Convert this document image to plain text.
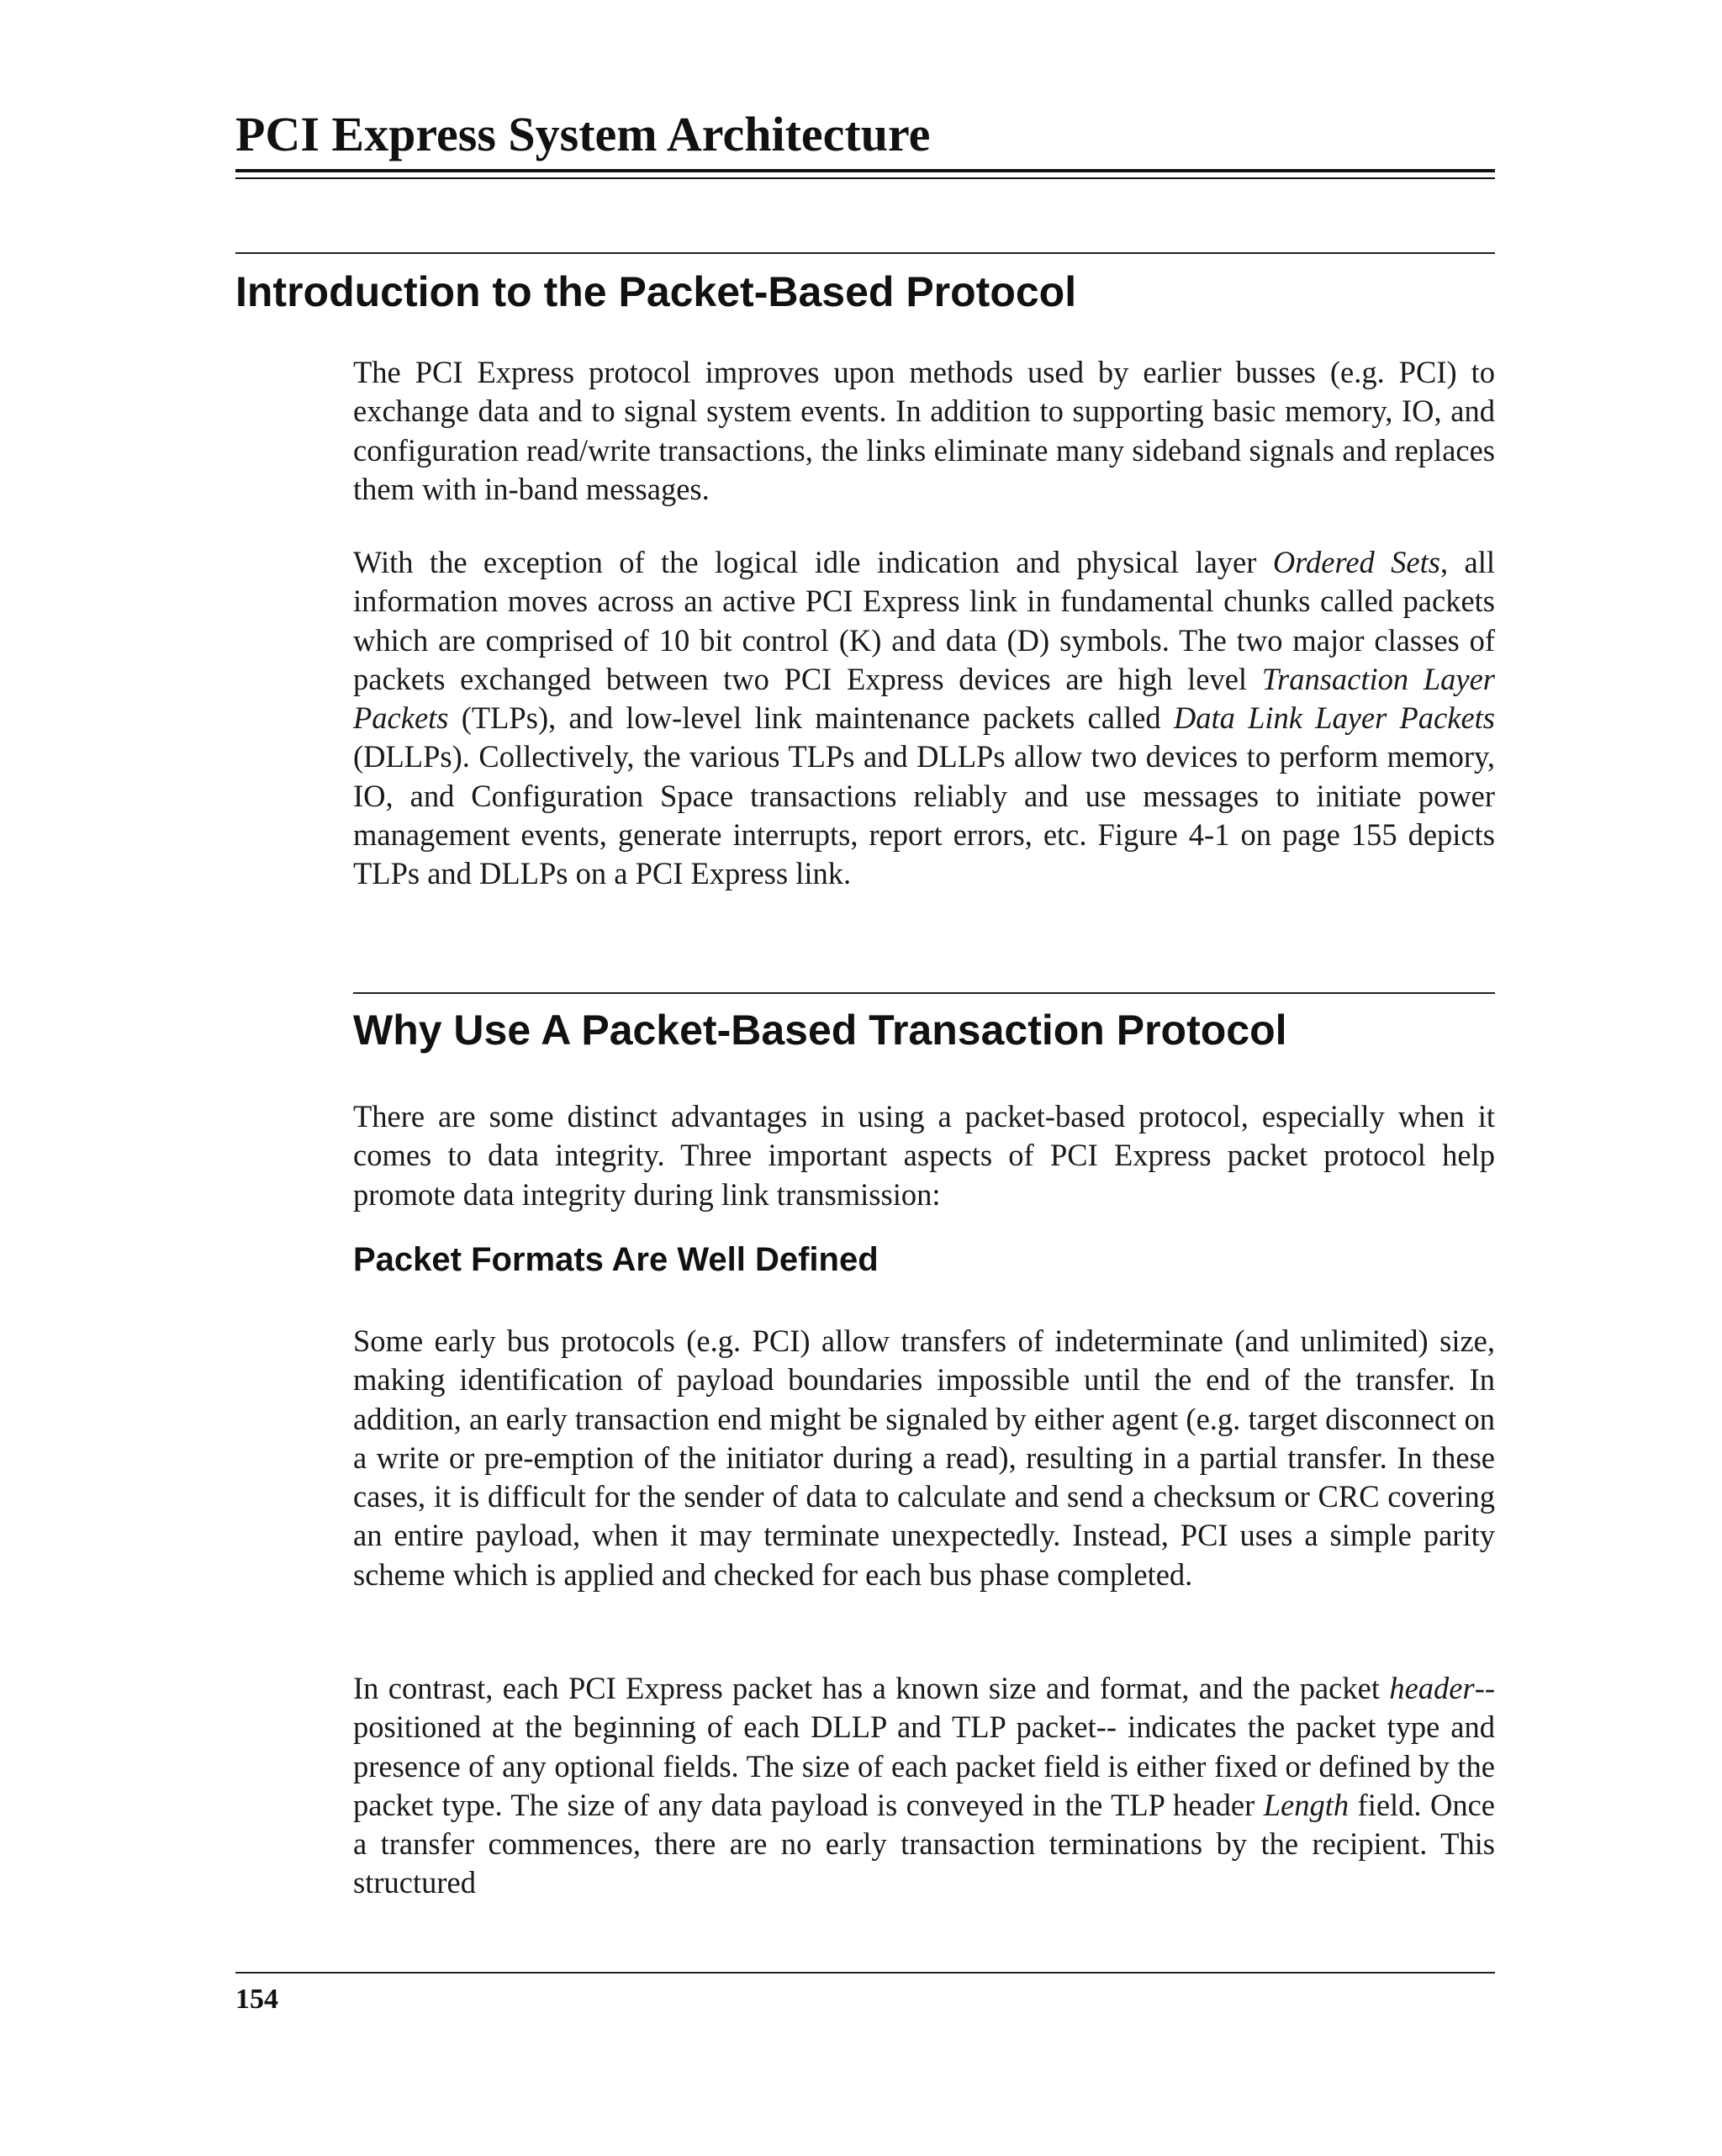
PCI Express System Architecture
Introduction to the Packet-Based Protocol

The PCI Express protocol improves upon methods used by earlier busses (e.g. PCI) to exchange data and to signal system events. In addition to supporting basic memory, IO, and configuration read/write transactions, the links eliminate many sideband signals and replaces them with in-band messages.

With the exception of the logical idle indication and physical layer Ordered Sets, all information moves across an active PCI Express link in fundamental chunks called packets which are comprised of 10 bit control (K) and data (D) symbols. The two major classes of packets exchanged between two PCI Express devices are high level Transaction Layer Packets (TLPs), and low-level link maintenance packets called Data Link Layer Packets (DLLPs). Collectively, the various TLPs and DLLPs allow two devices to perform memory, IO, and Configuration Space transactions reliably and use messages to initiate power management events, generate interrupts, report errors, etc. Figure 4-1 on page 155 depicts TLPs and DLLPs on a PCI Express link.

Why Use A Packet-Based Transaction Protocol

There are some distinct advantages in using a packet-based protocol, especially when it comes to data integrity. Three important aspects of PCI Express packet protocol help promote data integrity during link transmission:

Packet Formats Are Well Defined

Some early bus protocols (e.g. PCI) allow transfers of indeterminate (and unlimited) size, making identification of payload boundaries impossible until the end of the transfer. In addition, an early transaction end might be signaled by either agent (e.g. target disconnect on a write or pre-emption of the initiator during a read), resulting in a partial transfer. In these cases, it is difficult for the sender of data to calculate and send a checksum or CRC covering an entire payload, when it may terminate unexpectedly. Instead, PCI uses a simple parity scheme which is applied and checked for each bus phase completed.

In contrast, each PCI Express packet has a known size and format, and the packet header--positioned at the beginning of each DLLP and TLP packet-- indicates the packet type and presence of any optional fields. The size of each packet field is either fixed or defined by the packet type. The size of any data payload is conveyed in the TLP header Length field. Once a transfer commences, there are no early transaction terminations by the recipient. This structured

154
